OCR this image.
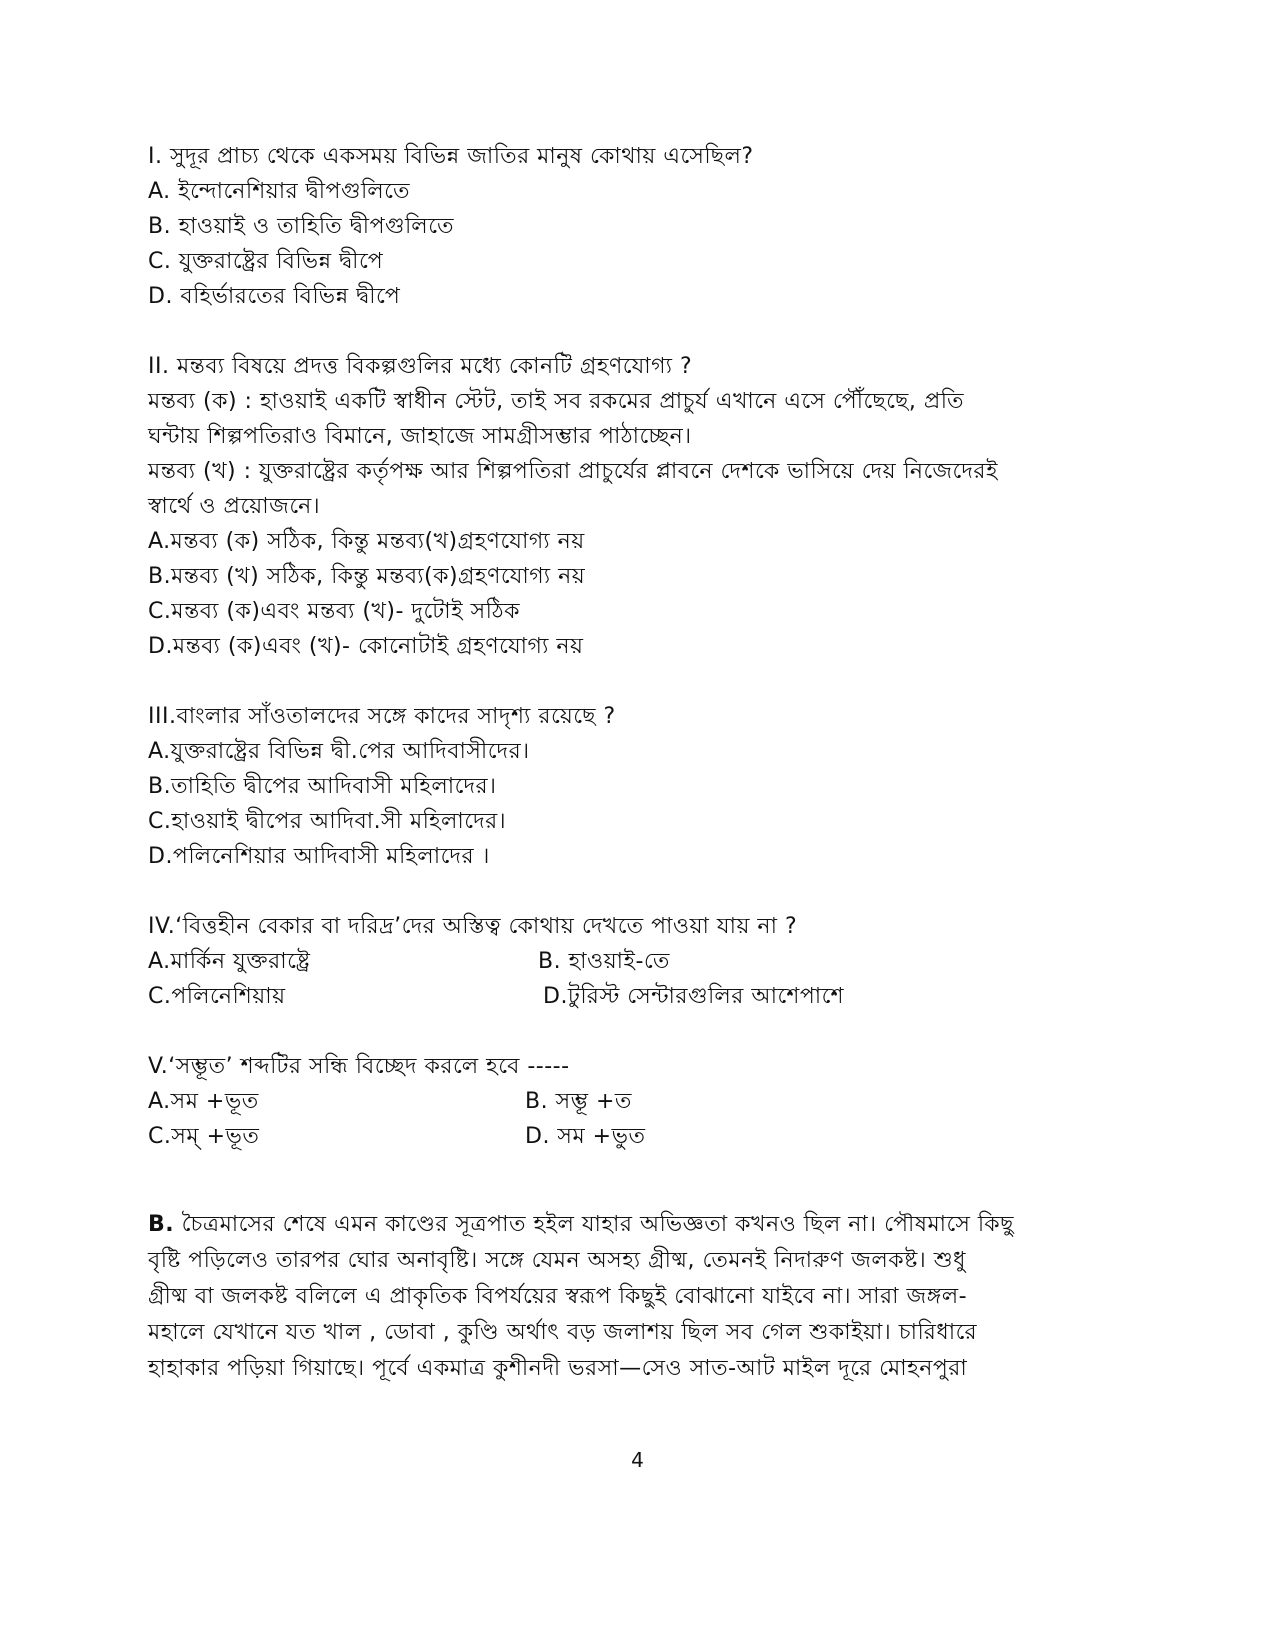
I. সুদূর প্রাচ্য থেকে একসময় বিভিন্ন জাতির মানুষ কোথায় এসেছিল?
A. ইন্দোনেশিয়ার দ্বীপগুলিতে
B. হাওয়াই ও তাহিতি দ্বীপগুলিতে
C. যুক্তরাষ্ট্রের বিভিন্ন দ্বীপে
D. বহির্ভারতের বিভিন্ন দ্বীপে
II. মন্তব্য বিষয়ে প্রদত্ত বিকল্পগুলির মধ্যে কোনটি গ্রহণযোগ্য ?
মন্তব্য (ক) : হাওয়াই একটি স্বাধীন স্টেট, তাই সব রকমের প্রাচুর্য এখানে এসে পৌঁছেছে, প্রতি
ঘন্টায় শিল্পপতিরাও বিমানে, জাহাজে সামগ্রীসম্ভার পাঠাচ্ছেন।
মন্তব্য (খ) : যুক্তরাষ্ট্রের কর্তৃপক্ষ আর শিল্পপতিরা প্রাচুর্যের প্লাবনে দেশকে ভাসিয়ে দেয় নিজেদেরই
স্বার্থে ও প্রয়োজনে।
A.মন্তব্য (ক) সঠিক, কিন্তু মন্তব্য(খ)গ্রহণযোগ্য নয়
B.মন্তব্য (খ) সঠিক, কিন্তু মন্তব্য(ক)গ্রহণযোগ্য নয়
C.মন্তব্য (ক)এবং মন্তব্য (খ)- দুটোই সঠিক
D.মন্তব্য (ক)এবং (খ)- কোনোটাই গ্রহণযোগ্য নয়
III.বাংলার সাঁওতালদের সঙ্গে কাদের সাদৃশ্য রয়েছে ?
A.যুক্তরাষ্ট্রের বিভিন্ন দ্বী.পের আদিবাসীদের।
B.তাহিতি দ্বীপের আদিবাসী মহিলাদের।
C.হাওয়াই দ্বীপের আদিবা.সী মহিলাদের।
D.পলিনেশিয়ার আদিবাসী মহিলাদের ।
IV.‘বিত্তহীন বেকার বা দরিদ্র’দের অস্তিত্ব কোথায় দেখতে পাওয়া যায় না ?
A.মার্কিন যুক্তরাষ্ট্রে	B. হাওয়াই-তে
C.পলিনেশিয়ায়	D.টুরিস্ট সেন্টারগুলির আশেপাশে
V.‘সম্ভূত’ শব্দটির সন্ধি বিচ্ছেদ করলে হবে -----
A.সম +ভূত	B. সম্ভূ +ত
C.সম্ +ভূত	D. সম +ভুত
B. চৈত্রমাসের শেষে এমন কাণ্ডের সূত্রপাত হইল যাহার অভিজ্ঞতা কখনও ছিল না। পৌষমাসে কিছু
বৃষ্টি পড়িলেও তারপর ঘোর অনাবৃষ্টি। সঙ্গে যেমন অসহ্য গ্রীষ্ম, তেমনই নিদারুণ জলকষ্ট। শুধু
গ্রীষ্ম বা জলকষ্ট বলিলে এ প্রাকৃতিক বিপর্যয়ের স্বরূপ কিছুই বোঝানো যাইবে না। সারা জঙ্গল-
মহালে যেখানে যত খাল , ডোবা , কুণ্ডি অর্থাৎ বড় জলাশয় ছিল সব গেল শুকাইয়া। চারিধারে
হাহাকার পড়িয়া গিয়াছে। পূর্বে একমাত্র কুশীনদী ভরসা—সেও সাত-আট মাইল দূরে মোহনপুরা
4
